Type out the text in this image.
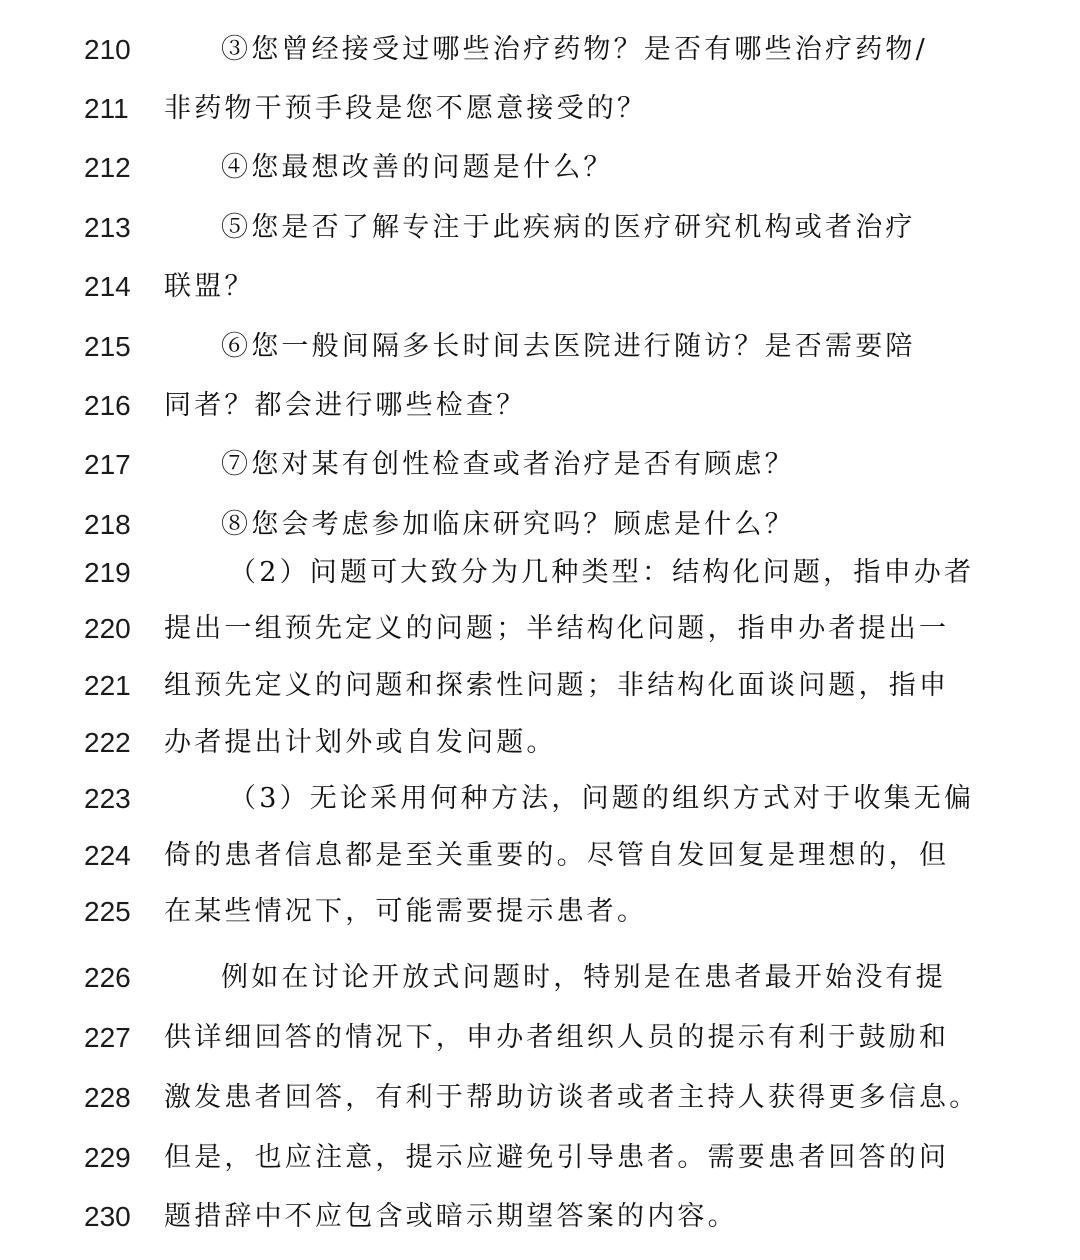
210	③您曾经接受过哪些治疗药物？是否有哪些治疗药物/
211	非药物干预手段是您不愿意接受的？
212	④您最想改善的问题是什么？
213	⑤您是否了解专注于此疾病的医疗研究机构或者治疗
214	联盟？
215	⑥您一般间隔多长时间去医院进行随访？是否需要陪
216	同者？都会进行哪些检查？
217	⑦您对某有创性检查或者治疗是否有顾虑？
218	⑧您会考虑参加临床研究吗？顾虑是什么？
219	（2）问题可大致分为几种类型：结构化问题，指申办者
220	提出一组预先定义的问题；半结构化问题，指申办者提出一
221	组预先定义的问题和探索性问题；非结构化面谈问题，指申
222	办者提出计划外或自发问题。
223	（3）无论采用何种方法，问题的组织方式对于收集无偏
224	倚的患者信息都是至关重要的。尽管自发回复是理想的，但
225	在某些情况下，可能需要提示患者。
226	例如在讨论开放式问题时，特别是在患者最开始没有提
227	供详细回答的情况下，申办者组织人员的提示有利于鼓励和
228	激发患者回答，有利于帮助访谈者或者主持人获得更多信息。
229	但是，也应注意，提示应避免引导患者。需要患者回答的问
230	题措辞中不应包含或暗示期望答案的内容。
